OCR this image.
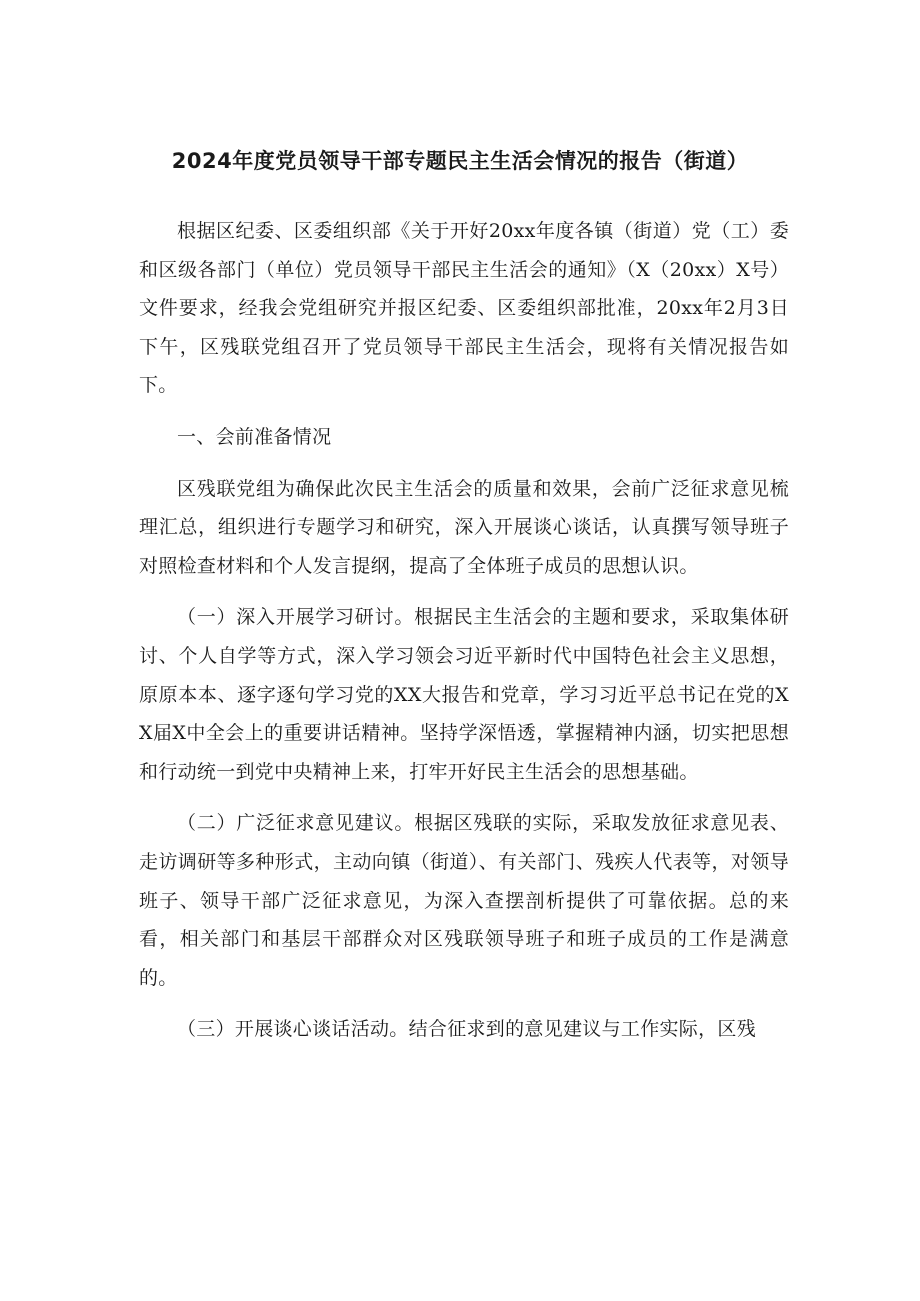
2024年度党员领导干部专题民主生活会情况的报告（街道）

根据区纪委、区委组织部《关于开好20xx年度各镇（街道）党（工）委和区级各部门（单位）党员领导干部民主生活会的通知》（X（20xx）X号）文件要求，经我会党组研究并报区纪委、区委组织部批准，20xx年2月3日下午，区残联党组召开了党员领导干部民主生活会，现将有关情况报告如下。

一、会前准备情况

区残联党组为确保此次民主生活会的质量和效果，会前广泛征求意见梳理汇总，组织进行专题学习和研究，深入开展谈心谈话，认真撰写领导班子对照检查材料和个人发言提纲，提高了全体班子成员的思想认识。

（一）深入开展学习研讨。根据民主生活会的主题和要求，采取集体研讨、个人自学等方式，深入学习领会习近平新时代中国特色社会主义思想，原原本本、逐字逐句学习党的XX大报告和党章，学习习近平总书记在党的XX届X中全会上的重要讲话精神。坚持学深悟透，掌握精神内涵，切实把思想和行动统一到党中央精神上来，打牢开好民主生活会的思想基础。

（二）广泛征求意见建议。根据区残联的实际，采取发放征求意见表、走访调研等多种形式，主动向镇（街道）、有关部门、残疾人代表等，对领导班子、领导干部广泛征求意见，为深入查摆剖析提供了可靠依据。总的来看，相关部门和基层干部群众对区残联领导班子和班子成员的工作是满意的。

（三）开展谈心谈话活动。结合征求到的意见建议与工作实际，区残
